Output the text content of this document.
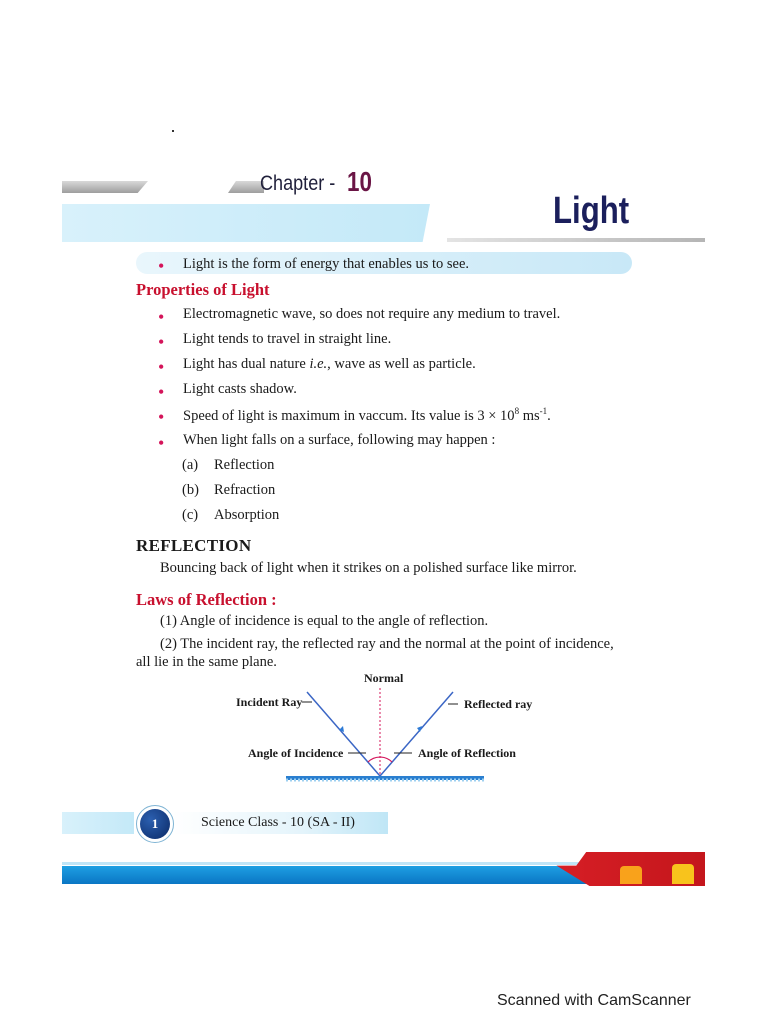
Chapter - 10
Light
• Light is the form of energy that enables us to see.
Properties of Light
• Electromagnetic wave, so does not require any medium to travel.
• Light tends to travel in straight line.
• Light has dual nature i.e., wave as well as particle.
• Light casts shadow.
• Speed of light is maximum in vaccum. Its value is $3 \times 10^8$ $ms^{-1}$.
• When light falls on a surface, following may happen :
(a) Reflection
(b) Refraction
(c) Absorption
REFLECTION
Bouncing back of light when it strikes on a polished surface like mirror.
Laws of Reflection :
(1) Angle of incidence is equal to the angle of reflection.
(2) The incident ray, the reflected ray and the normal at the point of incidence,
all lie in the same plane.
Normal
Incident Ray	Reflected ray
Angle of Incidence	Angle of Reflection
1	Science Class - 10 (SA - II)
Scanned with CamScanner
